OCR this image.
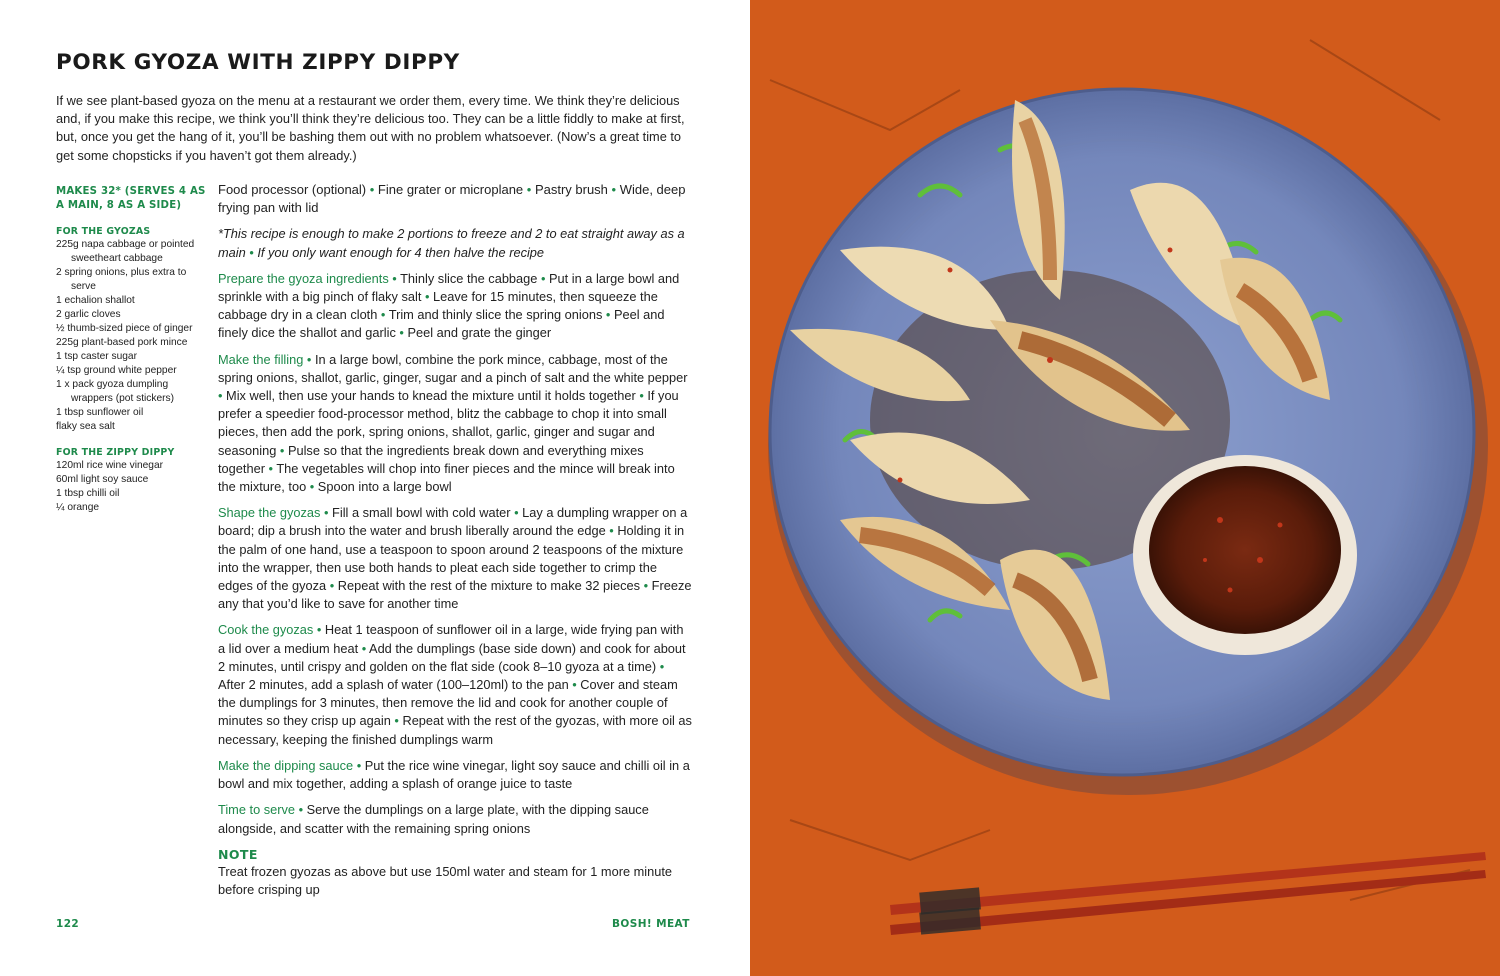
PORK GYOZA WITH ZIPPY DIPPY

If we see plant-based gyoza on the menu at a restaurant we order them, every time. We think they’re delicious and, if you make this recipe, we think you’ll think they’re delicious too. They can be a little fiddly to make at first, but, once you get the hang of it, you’ll be bashing them out with no problem whatsoever. (Now’s a great time to get some chopsticks if you haven’t got them already.)

MAKES 32* (SERVES 4 AS A MAIN, 8 AS A SIDE)
FOR THE GYOZAS
225g napa cabbage or pointed sweetheart cabbage
2 spring onions, plus extra to serve
1 echalion shallot
2 garlic cloves
½ thumb-sized piece of ginger
225g plant-based pork mince
1 tsp caster sugar
¼ tsp ground white pepper
1 x pack gyoza dumpling wrappers (pot stickers)
1 tbsp sunflower oil
flaky sea salt
FOR THE ZIPPY DIPPY
120ml rice wine vinegar
60ml light soy sauce
1 tbsp chilli oil
¼ orange
Food processor (optional) • Fine grater or microplane • Pastry brush • Wide, deep frying pan with lid
*This recipe is enough to make 2 portions to freeze and 2 to eat straight away as a main • If you only want enough for 4 then halve the recipe
Prepare the gyoza ingredients • Thinly slice the cabbage • Put in a large bowl and sprinkle with a big pinch of flaky salt • Leave for 15 minutes, then squeeze the cabbage dry in a clean cloth • Trim and thinly slice the spring onions • Peel and finely dice the shallot and garlic • Peel and grate the ginger
Make the filling • In a large bowl, combine the pork mince, cabbage, most of the spring onions, shallot, garlic, ginger, sugar and a pinch of salt and the white pepper • Mix well, then use your hands to knead the mixture until it holds together • If you prefer a speedier food-processor method, blitz the cabbage to chop it into small pieces, then add the pork, spring onions, shallot, garlic, ginger and sugar and seasoning • Pulse so that the ingredients break down and everything mixes together • The vegetables will chop into finer pieces and the mince will break into the mixture, too • Spoon into a large bowl
Shape the gyozas • Fill a small bowl with cold water • Lay a dumpling wrapper on a board; dip a brush into the water and brush liberally around the edge • Holding it in the palm of one hand, use a teaspoon to spoon around 2 teaspoons of the mixture into the wrapper, then use both hands to pleat each side together to crimp the edges of the gyoza • Repeat with the rest of the mixture to make 32 pieces • Freeze any that you’d like to save for another time
Cook the gyozas • Heat 1 teaspoon of sunflower oil in a large, wide frying pan with a lid over a medium heat • Add the dumplings (base side down) and cook for about 2 minutes, until crispy and golden on the flat side (cook 8–10 gyoza at a time) • After 2 minutes, add a splash of water (100–120ml) to the pan • Cover and steam the dumplings for 3 minutes, then remove the lid and cook for another couple of minutes so they crisp up again • Repeat with the rest of the gyozas, with more oil as necessary, keeping the finished dumplings warm
Make the dipping sauce • Put the rice wine vinegar, light soy sauce and chilli oil in a bowl and mix together, adding a splash of orange juice to taste
Time to serve • Serve the dumplings on a large plate, with the dipping sauce alongside, and scatter with the remaining spring onions
NOTE
Treat frozen gyozas as above but use 150ml water and steam for 1 more minute before crisping up
122	BOSH! MEAT
